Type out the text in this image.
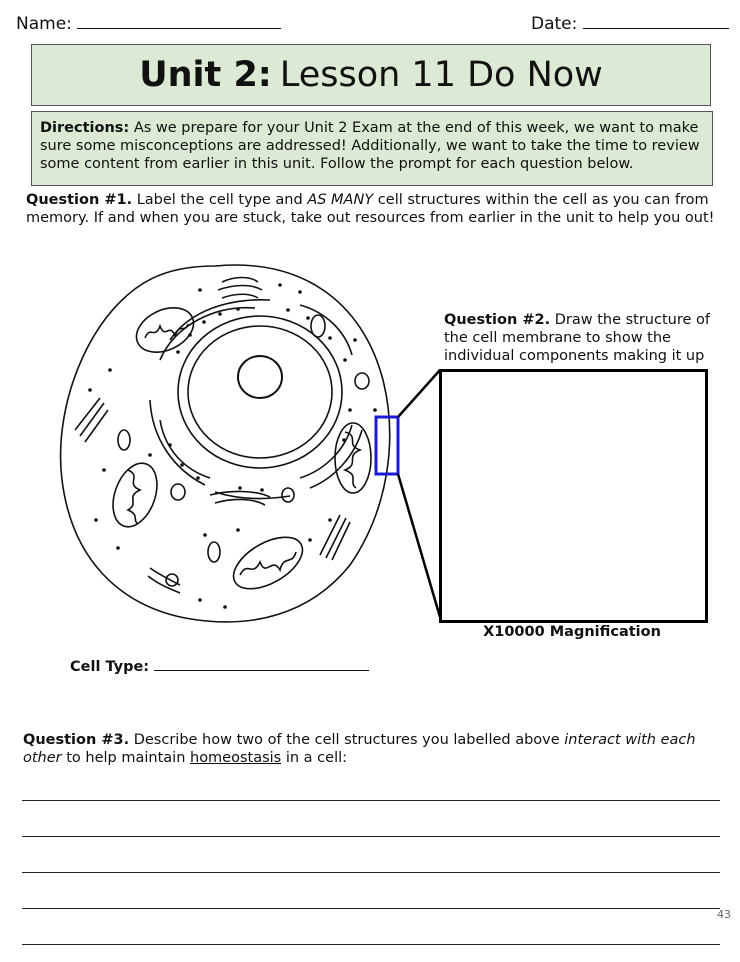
Name:	Date:
Unit 2: Lesson 11 Do Now
Directions: As we prepare for your Unit 2 Exam at the end of this week, we want to make sure some misconceptions are addressed! Additionally, we want to take the time to review some content from earlier in this unit. Follow the prompt for each question below.
Question #1. Label the cell type and AS MANY cell structures within the cell as you can from memory. If and when you are stuck, take out resources from earlier in the unit to help you out!
Question #2. Draw the structure of the cell membrane to show the individual components making it up
X10000 Magnification
Cell Type:
Question #3. Describe how two of the cell structures you labelled above interact with each other to help maintain homeostasis in a cell:
43
